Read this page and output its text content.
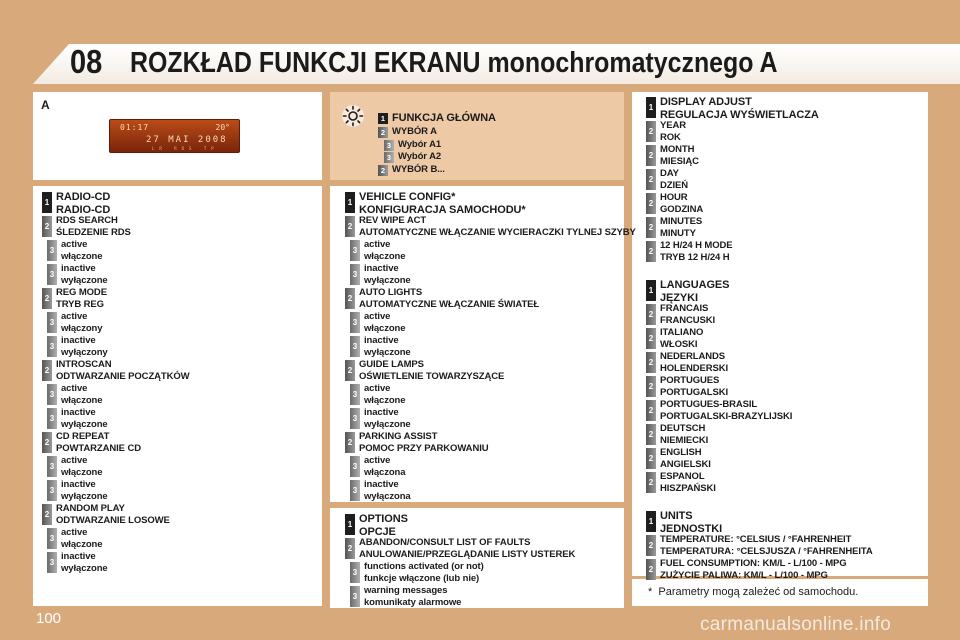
08 ROZKŁAD FUNKCJI EKRANU monochromatycznego A
A
01:17	20°
27 MAI 2008
LR RDS TP
1 FUNKCJA GŁÓWNA
2 WYBÓR A
3 Wybór A1
3 Wybór A2
2 WYBÓR B...
1 RADIO-CD
RADIO-CD
2
RDS SEARCH
ŚLEDZENIE RDS
3
active
włączone
3
inactive
wyłączone
2
REG MODE
TRYB REG
3
active
włączony
3
inactive
wyłączony
2
INTROSCAN
ODTWARZANIE POCZĄTKÓW
3
active
włączone
3
inactive
wyłączone
2
CD REPEAT
POWTARZANIE CD
3
active
włączone
3
inactive
wyłączone
2
RANDOM PLAY
ODTWARZANIE LOSOWE
3
active
włączone
3
inactive
wyłączone
1 VEHICLE CONFIG*
KONFIGURACJA SAMOCHODU*
2
REV WIPE ACT
AUTOMATYCZNE WŁĄCZANIE WYCIERACZKI TYLNEJ SZYBY
3
active
włączone
3
inactive
wyłączone
2
AUTO LIGHTS
AUTOMATYCZNE WŁĄCZANIE ŚWIATEŁ
3
active
włączone
3
inactive
wyłączone
2
GUIDE LAMPS
OŚWIETLENIE TOWARZYSZĄCE
3
active
włączone
3
inactive
wyłączone
2
PARKING ASSIST
POMOC PRZY PARKOWANIU
3
active
włączona
3
inactive
wyłączona
1 OPTIONS
OPCJE
2
ABANDON/CONSULT LIST OF FAULTS
ANULOWANIE/PRZEGLĄDANIE LISTY USTEREK
3
functions activated (or not)
funkcje włączone (lub nie)
3
warning messages
komunikaty alarmowe
1 DISPLAY ADJUST
REGULACJA WYŚWIETLACZA
2
YEAR
ROK
2
MONTH
MIESIĄC
2
DAY
DZIEŃ
2
HOUR
GODZINA
2
MINUTES
MINUTY
2
12 H/24 H MODE
TRYB 12 H/24 H
1 LANGUAGES
JĘZYKI
2
FRANCAIS
FRANCUSKI
2
ITALIANO
WŁOSKI
2
NEDERLANDS
HOLENDERSKI
2
PORTUGUES
PORTUGALSKI
2
PORTUGUES-BRASIL
PORTUGALSKI-BRAZYLIJSKI
2
DEUTSCH
NIEMIECKI
2
ENGLISH
ANGIELSKI
2
ESPANOL
HISZPAŃSKI
1 UNITS
JEDNOSTKI
2
TEMPERATURE: °CELSIUS / °FAHRENHEIT
TEMPERATURA: °CELSJUSZA / °FAHRENHEITA
2
FUEL CONSUMPTION: KM/L - L/100 - MPG
ZUŻYCIE PALIWA: KM/L - L/100 - MPG
* Parametry mogą zależeć od samochodu.
100	carmanualsonline.info
